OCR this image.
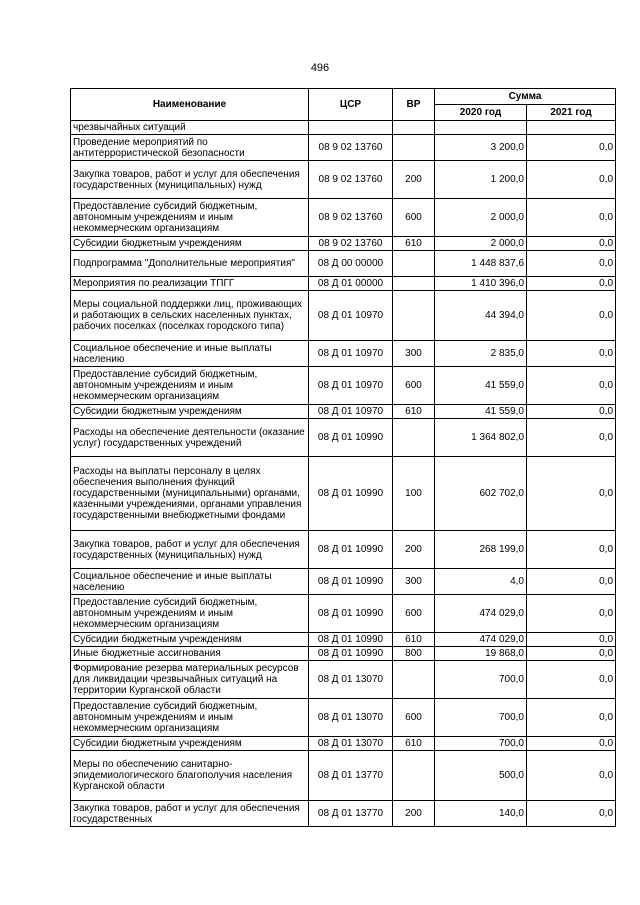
496
Наименование	ЦСР	ВР	Сумма	
			2020 год	2021 год
чрезвычайных ситуаций				
Проведение мероприятий по антитеррористической безопасности	08 9 02 13760		3 200,0	0,0
Закупка товаров, работ и услуг для обеспечения государственных (муниципальных) нужд	08 9 02 13760	200	1 200,0	0,0
Предоставление субсидий бюджетным, автономным учреждениям и иным некоммерческим организациям	08 9 02 13760	600	2 000,0	0,0
Субсидии бюджетным учреждениям	08 9 02 13760	610	2 000,0	0,0
Подпрограмма "Дополнительные мероприятия"	08 Д 00 00000		1 448 837,6	0,0
Мероприятия по реализации ТПГГ	08 Д 01 00000		1 410 396,0	0,0
Меры социальной поддержки лиц, проживающих и работающих в сельских населенных пунктах, рабочих поселках (поселках городского типа)	08 Д 01 10970		44 394,0	0,0
Социальное обеспечение и иные выплаты населению	08 Д 01 10970	300	2 835,0	0,0
Предоставление субсидий бюджетным, автономным учреждениям и иным некоммерческим организациям	08 Д 01 10970	600	41 559,0	0,0
Субсидии бюджетным учреждениям	08 Д 01 10970	610	41 559,0	0,0
Расходы на обеспечение деятельности (оказание услуг) государственных учреждений	08 Д 01 10990		1 364 802,0	0,0
Расходы на выплаты персоналу в целях обеспечения выполнения функций государственными (муниципальными) органами, казенными учреждениями, органами управления государственными внебюджетными фондами	08 Д 01 10990	100	602 702,0	0,0
Закупка товаров, работ и услуг для обеспечения государственных (муниципальных) нужд	08 Д 01 10990	200	268 199,0	0,0
Социальное обеспечение и иные выплаты населению	08 Д 01 10990	300	4,0	0,0
Предоставление субсидий бюджетным, автономным учреждениям и иным некоммерческим организациям	08 Д 01 10990	600	474 029,0	0,0
Субсидии бюджетным учреждениям	08 Д 01 10990	610	474 029,0	0,0
Иные бюджетные ассигнования	08 Д 01 10990	800	19 868,0	0,0
Формирование резерва материальных ресурсов для ликвидации чрезвычайных ситуаций на территории Курганской области	08 Д 01 13070		700,0	0,0
Предоставление субсидий бюджетным, автономным учреждениям и иным некоммерческим организациям	08 Д 01 13070	600	700,0	0,0
Субсидии бюджетным учреждениям	08 Д 01 13070	610	700,0	0,0
Меры по обеспечению санитарно-эпидемиологического благополучия населения Курганской области	08 Д 01 13770		500,0	0,0
Закупка товаров, работ и услуг для обеспечения государственных	08 Д 01 13770	200	140,0	0,0
